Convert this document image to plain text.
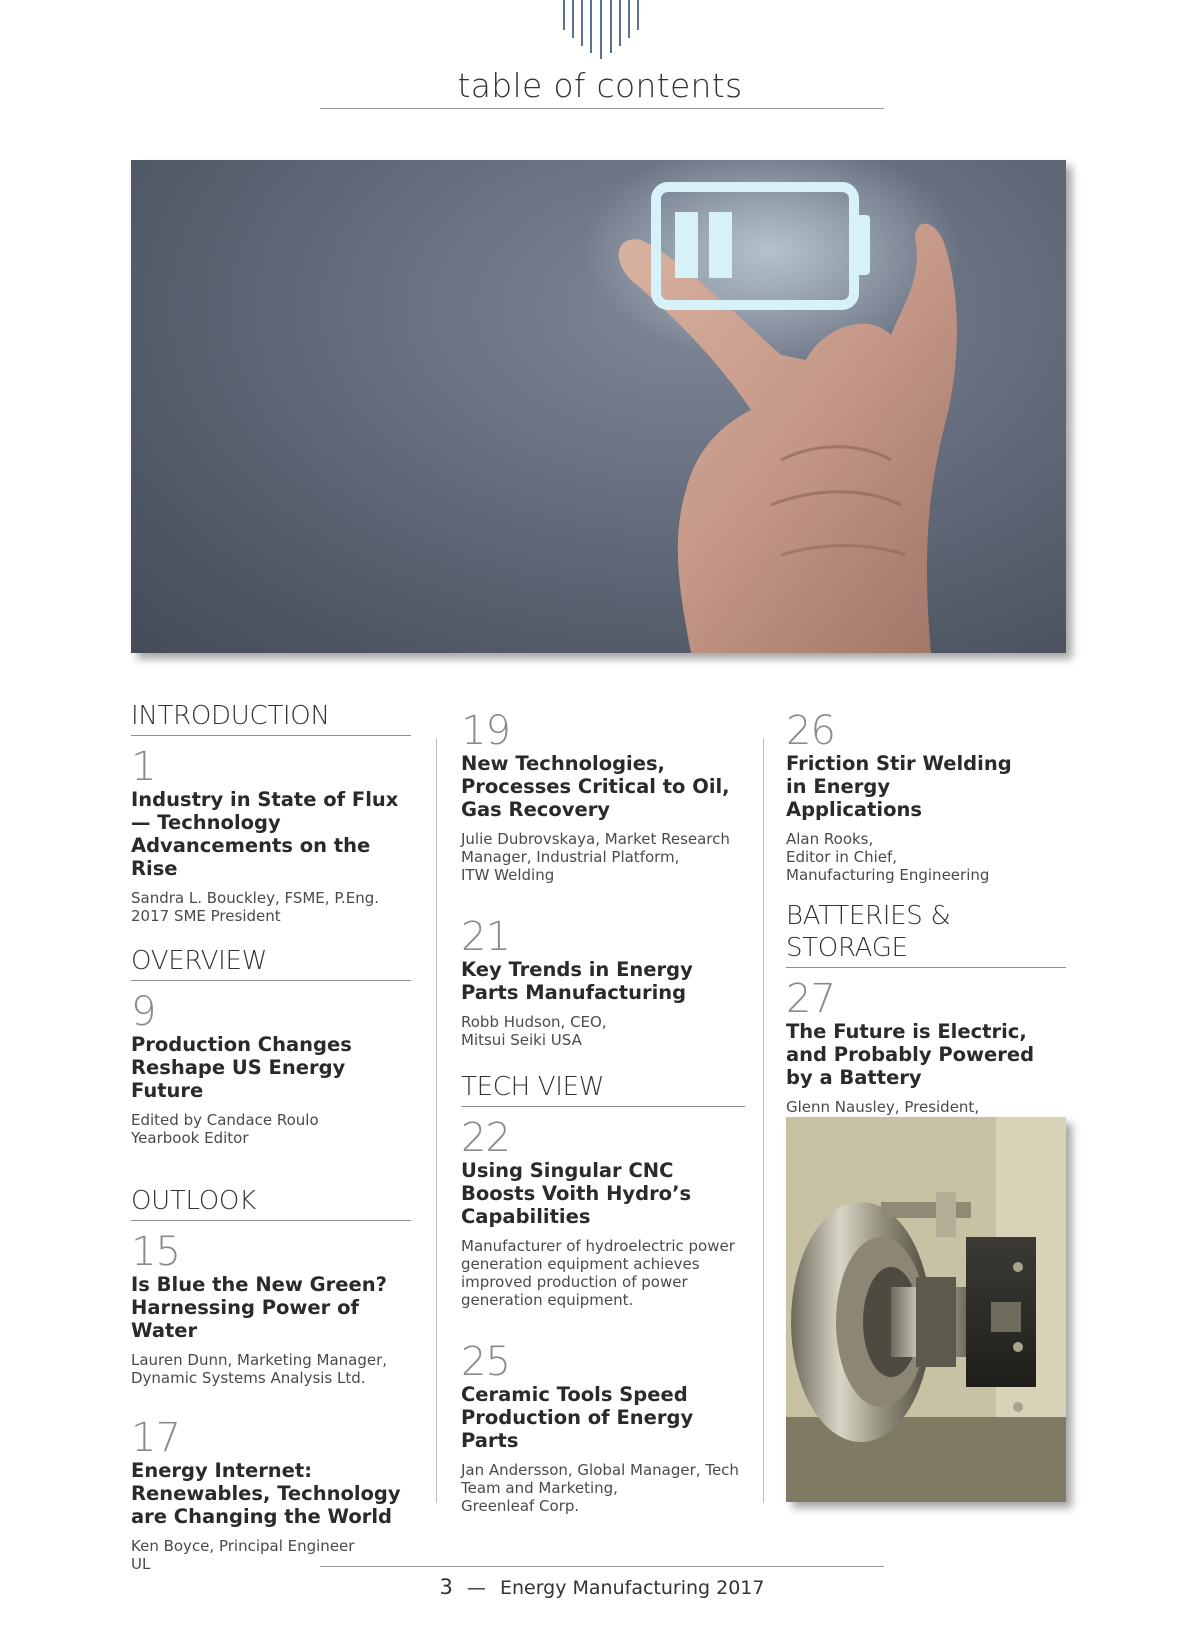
table of contents
INTRODUCTION
1
Industry in State of Flux— Technology Advancements on the Rise
Sandra L. Bouckley, FSME, P.Eng.
2017 SME President
OVERVIEW
9
Production Changes Reshape US Energy Future
Edited by Candace Roulo
Yearbook Editor
OUTLOOK
15
Is Blue the New Green? Harnessing Power of Water
Lauren Dunn, Marketing Manager,
Dynamic Systems Analysis Ltd.
17
Energy Internet: Renewables, Technology are Changing the World
Ken Boyce, Principal Engineer
UL
19
New Technologies, Processes Critical to Oil, Gas Recovery
Julie Dubrovskaya, Market Research
Manager, Industrial Platform,
ITW Welding
21
Key Trends in Energy Parts Manufacturing
Robb Hudson, CEO,
Mitsui Seiki USA
TECH VIEW
22
Using Singular CNC Boosts Voith Hydro’s Capabilities
Manufacturer of hydroelectric power
generation equipment achieves
improved production of power
generation equipment.
25
Ceramic Tools Speed Production of Energy Parts
Jan Andersson, Global Manager, Tech
Team and Marketing,
Greenleaf Corp.
26
Friction Stir Welding in Energy Applications
Alan Rooks,
Editor in Chief,
Manufacturing Engineering
BATTERIES & STORAGE
27
The Future is Electric, and Probably Powered by a Battery
Glenn Nausley, President,
3 — Energy Manufacturing 2017
